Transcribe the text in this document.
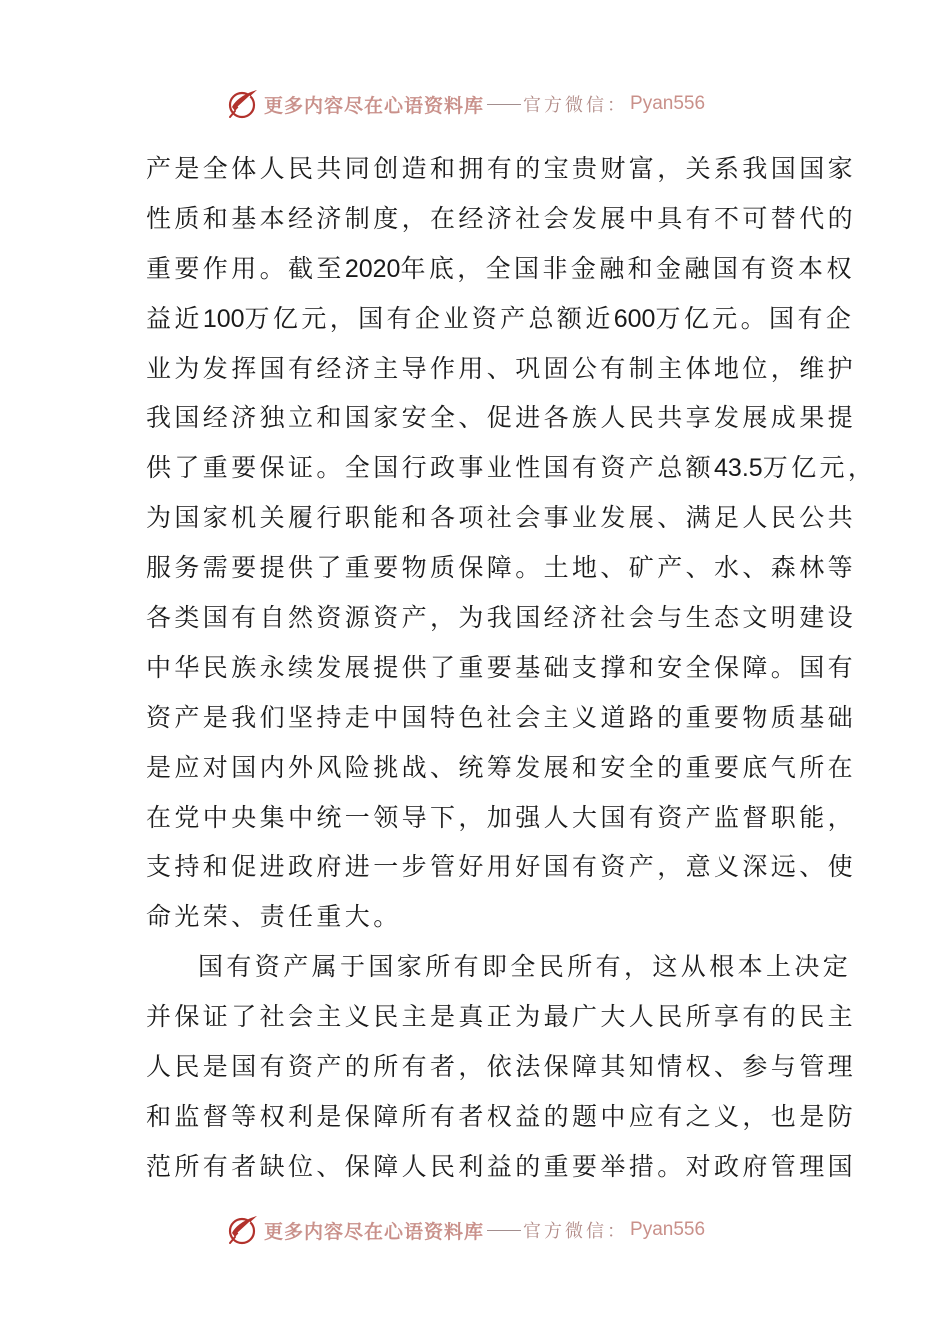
更多内容尽在心语资料库 官方微信： Pyan556
产是全体人民共同创造和拥有的宝贵财富，关系我国国家
性质和基本经济制度，在经济社会发展中具有不可替代的
重要作用。截至2020年底，全国非金融和金融国有资本权
益近100万亿元，国有企业资产总额近600万亿元。国有企
业为发挥国有经济主导作用、巩固公有制主体地位，维护
我国经济独立和国家安全、促进各族人民共享发展成果提
供了重要保证。全国行政事业性国有资产总额43.5万亿元，
为国家机关履行职能和各项社会事业发展、满足人民公共
服务需要提供了重要物质保障。土地、矿产、水、森林等
各类国有自然资源资产，为我国经济社会与生态文明建设
中华民族永续发展提供了重要基础支撑和安全保障。国有
资产是我们坚持走中国特色社会主义道路的重要物质基础
是应对国内外风险挑战、统筹发展和安全的重要底气所在
在党中央集中统一领导下，加强人大国有资产监督职能，
支持和促进政府进一步管好用好国有资产，意义深远、使
命光荣、责任重大。
国有资产属于国家所有即全民所有，这从根本上决定
并保证了社会主义民主是真正为最广大人民所享有的民主
人民是国有资产的所有者，依法保障其知情权、参与管理
和监督等权利是保障所有者权益的题中应有之义，也是防
范所有者缺位、保障人民利益的重要举措。对政府管理国
更多内容尽在心语资料库 官方微信： Pyan556
